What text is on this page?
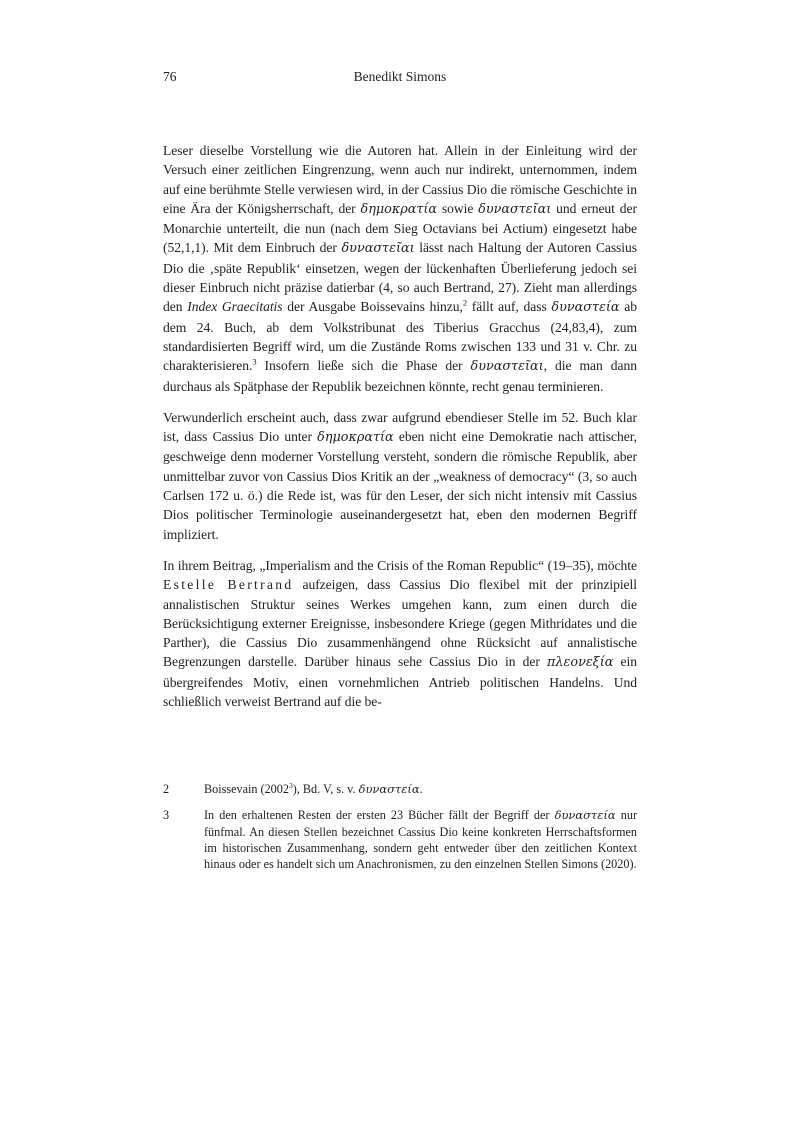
76	Benedikt Simons
Leser dieselbe Vorstellung wie die Autoren hat. Allein in der Einleitung wird der Versuch einer zeitlichen Eingrenzung, wenn auch nur indirekt, unternommen, indem auf eine berühmte Stelle verwiesen wird, in der Cassius Dio die römische Geschichte in eine Ära der Königsherrschaft, der δημοκρατία sowie δυναστεῖαι und erneut der Monarchie unterteilt, die nun (nach dem Sieg Octavians bei Actium) eingesetzt habe (52,1,1). Mit dem Einbruch der δυναστεῖαι lässt nach Haltung der Autoren Cassius Dio die ‚späte Republik‘ einsetzen, wegen der lückenhaften Überlieferung jedoch sei dieser Einbruch nicht präzise datierbar (4, so auch Bertrand, 27). Zieht man allerdings den Index Graecitatis der Ausgabe Boissevains hinzu,$^2$ fällt auf, dass δυναστεία ab dem 24. Buch, ab dem Volkstribunat des Tiberius Gracchus (24,83,4), zum standardisierten Begriff wird, um die Zustände Roms zwischen 133 und 31 v. Chr. zu charakterisieren.$^3$ Insofern ließe sich die Phase der δυναστεῖαι, die man dann durchaus als Spätphase der Republik bezeichnen könnte, recht genau terminieren.
Verwunderlich erscheint auch, dass zwar aufgrund ebendieser Stelle im 52. Buch klar ist, dass Cassius Dio unter δημοκρατία eben nicht eine Demokratie nach attischer, geschweige denn moderner Vorstellung versteht, sondern die römische Republik, aber unmittelbar zuvor von Cassius Dios Kritik an der „weakness of democracy“ (3, so auch Carlsen 172 u. ö.) die Rede ist, was für den Leser, der sich nicht intensiv mit Cassius Dios politischer Terminologie auseinandergesetzt hat, eben den modernen Begriff impliziert.
In ihrem Beitrag, „Imperialism and the Crisis of the Roman Republic“ (19–35), möchte Estelle Bertrand aufzeigen, dass Cassius Dio flexibel mit der prinzipiell annalistischen Struktur seines Werkes umgehen kann, zum einen durch die Berücksichtigung externer Ereignisse, insbesondere Kriege (gegen Mithridates und die Parther), die Cassius Dio zusammenhängend ohne Rücksicht auf annalistische Begrenzungen darstelle. Darüber hinaus sehe Cassius Dio in der πλεονεξία ein übergreifendes Motiv, einen vornehmlichen Antrieb politischen Handelns. Und schließlich verweist Bertrand auf die be-
2	Boissevain (2002$^3$), Bd. V, s. v. δυναστεία.
3	In den erhaltenen Resten der ersten 23 Bücher fällt der Begriff der δυναστεία nur fünfmal. An diesen Stellen bezeichnet Cassius Dio keine konkreten Herrschaftsformen im historischen Zusammenhang, sondern geht entweder über den zeitlichen Kontext hinaus oder es handelt sich um Anachronismen, zu den einzelnen Stellen Simons (2020).
